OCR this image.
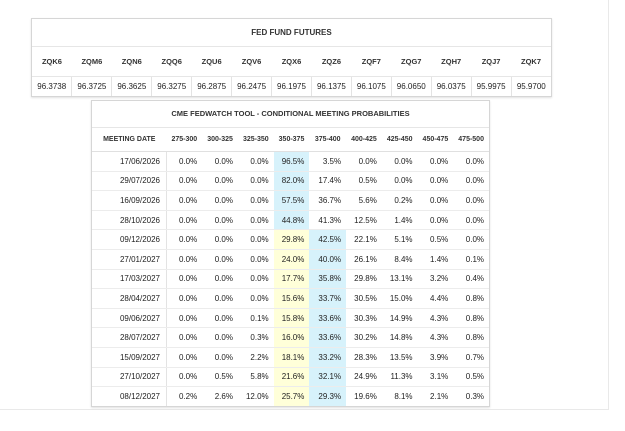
FED FUND FUTURES
ZQK6	ZQM6	ZQN6	ZQQ6	ZQU6	ZQV6	ZQX6	ZQZ6	ZQF7	ZQG7	ZQH7	ZQJ7	ZQK7
96.3738	96.3725	96.3625	96.3275	96.2875	96.2475	96.1975	96.1375	96.1075	96.0650	96.0375	95.9975	95.9700
CME FEDWATCH TOOL - CONDITIONAL MEETING PROBABILITIES
MEETING DATE	275-300	300-325	325-350	350-375	375-400	400-425	425-450	450-475	475-500
17/06/2026	0.0%	0.0%	0.0%	96.5%	3.5%	0.0%	0.0%	0.0%	0.0%
29/07/2026	0.0%	0.0%	0.0%	82.0%	17.4%	0.5%	0.0%	0.0%	0.0%
16/09/2026	0.0%	0.0%	0.0%	57.5%	36.7%	5.6%	0.2%	0.0%	0.0%
28/10/2026	0.0%	0.0%	0.0%	44.8%	41.3%	12.5%	1.4%	0.0%	0.0%
09/12/2026	0.0%	0.0%	0.0%	29.8%	42.5%	22.1%	5.1%	0.5%	0.0%
27/01/2027	0.0%	0.0%	0.0%	24.0%	40.0%	26.1%	8.4%	1.4%	0.1%
17/03/2027	0.0%	0.0%	0.0%	17.7%	35.8%	29.8%	13.1%	3.2%	0.4%
28/04/2027	0.0%	0.0%	0.0%	15.6%	33.7%	30.5%	15.0%	4.4%	0.8%
09/06/2027	0.0%	0.0%	0.1%	15.8%	33.6%	30.3%	14.9%	4.3%	0.8%
28/07/2027	0.0%	0.0%	0.3%	16.0%	33.6%	30.2%	14.8%	4.3%	0.8%
15/09/2027	0.0%	0.0%	2.2%	18.1%	33.2%	28.3%	13.5%	3.9%	0.7%
27/10/2027	0.0%	0.5%	5.8%	21.6%	32.1%	24.9%	11.3%	3.1%	0.5%
08/12/2027	0.2%	2.6%	12.0%	25.7%	29.3%	19.6%	8.1%	2.1%	0.3%
